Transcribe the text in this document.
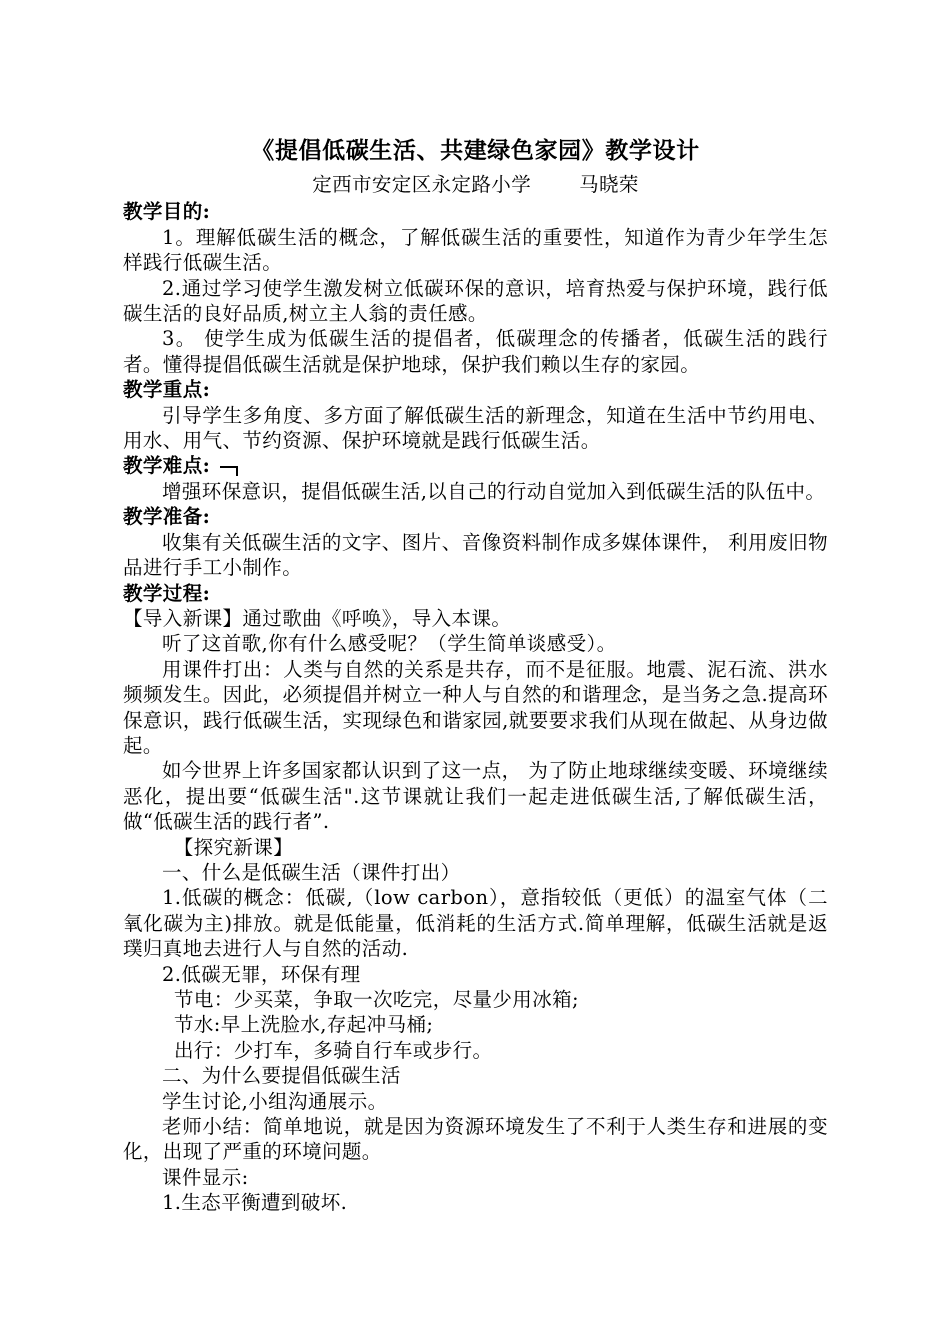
《提倡低碳生活、共建绿色家园》教学设计

定西市安定区永定路小学 马晓荣

教学目的:

1。理解低碳生活的概念，了解低碳生活的重要性，知道作为青少年学生怎样践行低碳生活。

2.通过学习使学生激发树立低碳环保的意识，培育热爱与保护环境，践行低碳生活的良好品质,树立主人翁的责任感。

3。 使学生成为低碳生活的提倡者，低碳理念的传播者，低碳生活的践行者。懂得提倡低碳生活就是保护地球，保护我们赖以生存的家园。

教学重点:

引导学生多角度、多方面了解低碳生活的新理念，知道在生活中节约用电、用水、用气、节约资源、保护环境就是践行低碳生活。

教学难点:

增强环保意识，提倡低碳生活,以自己的行动自觉加入到低碳生活的队伍中。

教学准备:

收集有关低碳生活的文字、图片、音像资料制作成多媒体课件， 利用废旧物品进行手工小制作。

教学过程:

【导入新课】通过歌曲《呼唤》，导入本课。

听了这首歌,你有什么感受呢？（学生简单谈感受）。

用课件打出：人类与自然的关系是共存，而不是征服。地震、泥石流、洪水频频发生。因此，必须提倡并树立一种人与自然的和谐理念，是当务之急.提高环保意识，践行低碳生活，实现绿色和谐家园,就要要求我们从现在做起、从身边做起。

如今世界上许多国家都认识到了这一点， 为了防止地球继续变暖、环境继续恶化，提出要“低碳生活".这节课就让我们一起走进低碳生活,了解低碳生活，做“低碳生活的践行者”.

【探究新课】

一、什么是低碳生活（课件打出）

1.低碳的概念：低碳,（low carbon），意指较低（更低）的温室气体（二氧化碳为主)排放。就是低能量，低消耗的生活方式.简单理解，低碳生活就是返璞归真地去进行人与自然的活动.

2.低碳无罪，环保有理

节电：少买菜，争取一次吃完，尽量少用冰箱;

节水:早上洗脸水,存起冲马桶;

出行：少打车，多骑自行车或步行。

二、为什么要提倡低碳生活

学生讨论,小组沟通展示。

老师小结：简单地说，就是因为资源环境发生了不利于人类生存和进展的变化，出现了严重的环境问题。

课件显示:

1.生态平衡遭到破坏.
